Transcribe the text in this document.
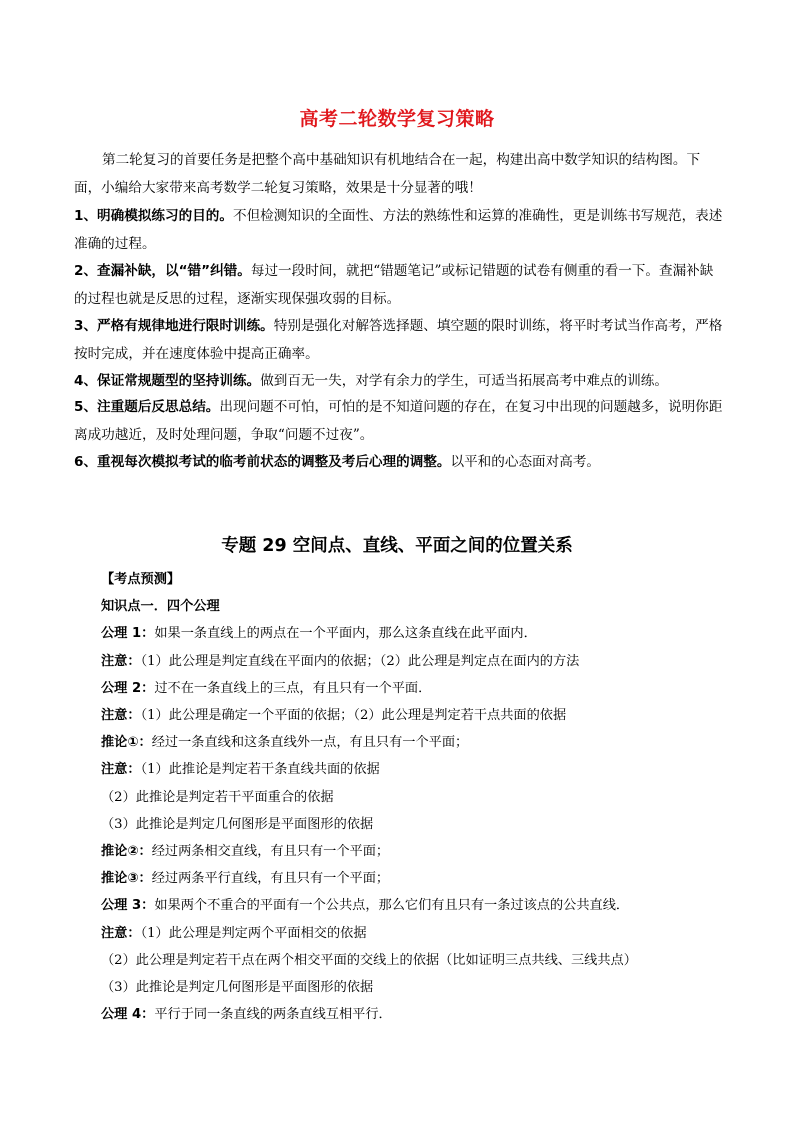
高考二轮数学复习策略
第二轮复习的首要任务是把整个高中基础知识有机地结合在一起，构建出高中数学知识的结构图。下面，小编给大家带来高考数学二轮复习策略，效果是十分显著的哦！
1、明确模拟练习的目的。不但检测知识的全面性、方法的熟练性和运算的准确性，更是训练书写规范，表述准确的过程。
2、查漏补缺，以“错”纠错。每过一段时间，就把“错题笔记”或标记错题的试卷有侧重的看一下。查漏补缺的过程也就是反思的过程，逐渐实现保强攻弱的目标。
3、严格有规律地进行限时训练。特别是强化对解答选择题、填空题的限时训练，将平时考试当作高考，严格按时完成，并在速度体验中提高正确率。
4、保证常规题型的坚持训练。做到百无一失，对学有余力的学生，可适当拓展高考中难点的训练。
5、注重题后反思总结。出现问题不可怕，可怕的是不知道问题的存在，在复习中出现的问题越多，说明你距离成功越近，及时处理问题，争取“问题不过夜”。
6、重视每次模拟考试的临考前状态的调整及考后心理的调整。以平和的心态面对高考。
专题 29 空间点、直线、平面之间的位置关系
【考点预测】
知识点一．四个公理
公理 1：如果一条直线上的两点在一个平面内，那么这条直线在此平面内．
注意：（1）此公理是判定直线在平面内的依据；（2）此公理是判定点在面内的方法
公理 2：过不在一条直线上的三点，有且只有一个平面．
注意：（1）此公理是确定一个平面的依据；（2）此公理是判定若干点共面的依据
推论①：经过一条直线和这条直线外一点，有且只有一个平面；
注意：（1）此推论是判定若干条直线共面的依据
（2）此推论是判定若干平面重合的依据
（3）此推论是判定几何图形是平面图形的依据
推论②：经过两条相交直线，有且只有一个平面；
推论③：经过两条平行直线，有且只有一个平面；
公理 3：如果两个不重合的平面有一个公共点，那么它们有且只有一条过该点的公共直线．
注意：（1）此公理是判定两个平面相交的依据
（2）此公理是判定若干点在两个相交平面的交线上的依据（比如证明三点共线、三线共点）
（3）此推论是判定几何图形是平面图形的依据
公理 4：平行于同一条直线的两条直线互相平行．
